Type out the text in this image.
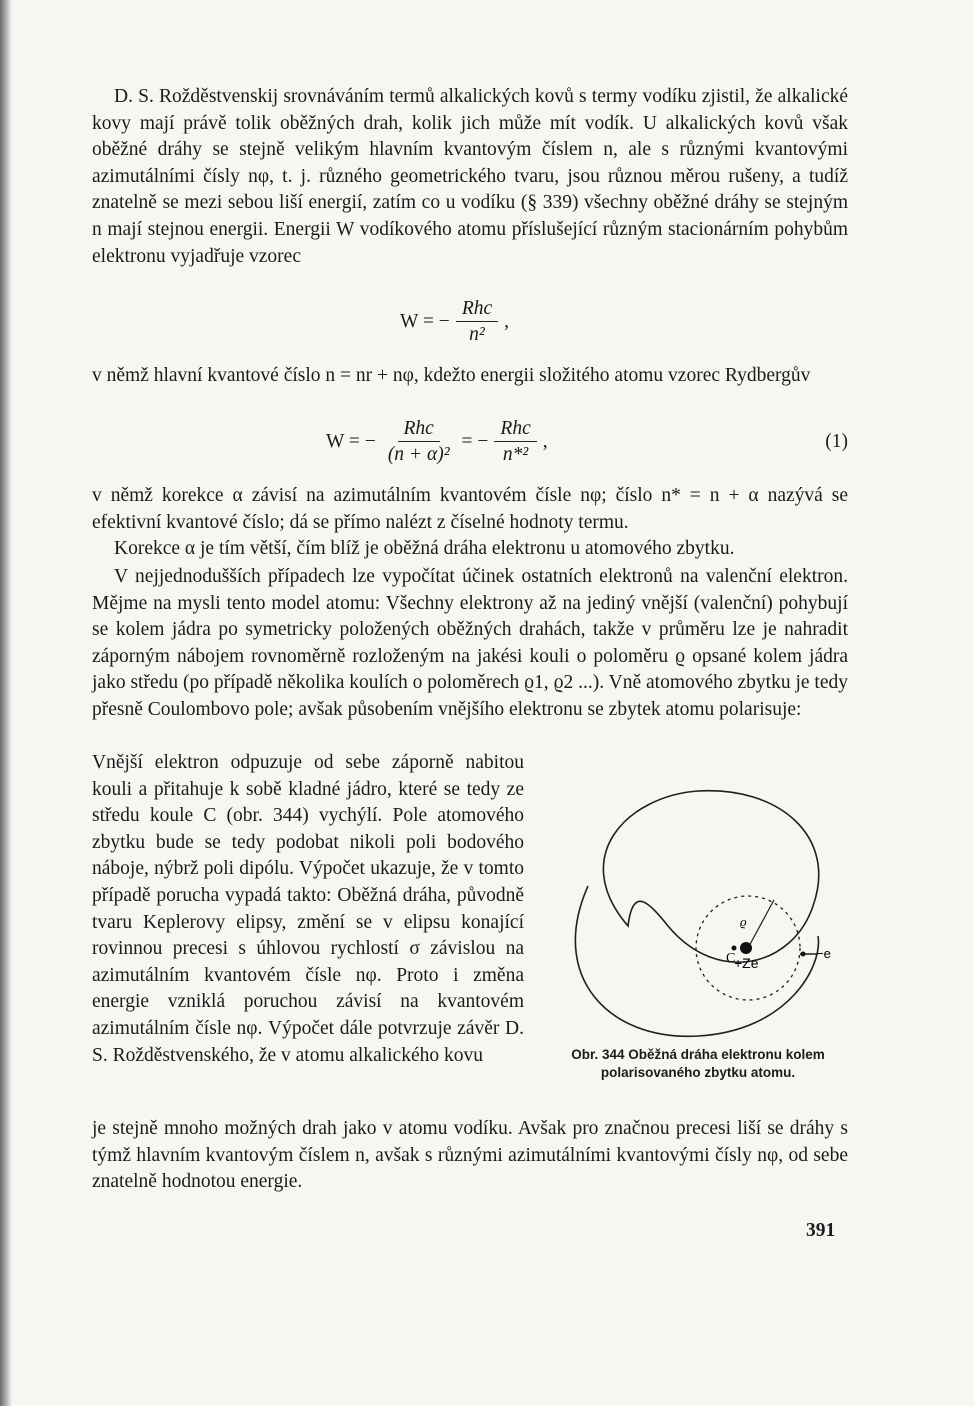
D. S. Rožděstvenskij srovnáváním termů alkalických kovů s termy vodíku zjistil, že alkalické kovy mají právě tolik oběžných drah, kolik jich může mít vodík. U alkalických kovů však oběžné dráhy se stejně velikým hlavním kvantovým číslem n, ale s různými kvantovými azimutálními čísly nφ, t. j. různého geometrického tvaru, jsou různou měrou rušeny, a tudíž znatelně se mezi sebou liší energií, zatím co u vodíku (§ 339) všechny oběžné dráhy se stejným n mají stejnou energii. Energii W vodíkového atomu příslušející různým stacionárním pohybům elektronu vyjadřuje vzorec
W = − $\frac{\text{Rhc}}{\text{n²}}$ ,
v němž hlavní kvantové číslo n = nr + nφ, kdežto energii složitého atomu vzorec Rydbergův
W = − $\frac{\text{Rhc}}{\text{(n + α)²}}$ = − $\frac{\text{Rhc}}{\text{n*²}}$ ,	(1)
v němž korekce α závisí na azimutálním kvantovém čísle nφ; číslo n* = n + α nazývá se efektivní kvantové číslo; dá se přímo nalézt z číselné hodnoty termu.
Korekce α je tím větší, čím blíž je oběžná dráha elektronu u atomového zbytku.
V nejjednodušších případech lze vypočítat účinek ostatních elektronů na valenční elektron. Mějme na mysli tento model atomu: Všechny elektrony až na jediný vnější (valenční) pohybují se kolem jádra po symetricky položených oběžných drahách, takže v průměru lze je nahradit záporným nábojem rovnoměrně rozloženým na jakési kouli o poloměru ϱ opsané kolem jádra jako středu (po případě několika koulích o poloměrech ϱ1, ϱ2 ...). Vně atomového zbytku je tedy přesně Coulombovo pole; avšak působením vnějšího elektronu se zbytek atomu polarisuje:
Vnější elektron odpuzuje od sebe záporně nabitou kouli a přitahuje k sobě kladné jádro, které se tedy ze středu koule C (obr. 344) vychýlí. Pole atomového zbytku bude se tedy podobat nikoli poli bodového náboje, nýbrž poli dipólu. Výpočet ukazuje, že v tomto případě porucha vypadá takto: Oběžná dráha, původně tvaru Keplerovy elipsy, změní se v elipsu konající rovinnou precesi s úhlovou rychlostí σ závislou na azimutálním kvantovém čísle nφ. Proto i změna energie vzniklá poruchou závisí na kvantovém azimutálním čísle nφ. Výpočet dále potvrzuje závěr D. S. Rožděstvenského, že v atomu alkalického kovu
ϱ
C
+Ze
−e
Obr. 344 Oběžná dráha elektronu kolem polarisovaného zbytku atomu.
je stejně mnoho možných drah jako v atomu vodíku. Avšak pro značnou precesi liší se dráhy s týmž hlavním kvantovým číslem n, avšak s různými azimutálními kvantovými čísly nφ, od sebe znatelně hodnotou energie.
391
